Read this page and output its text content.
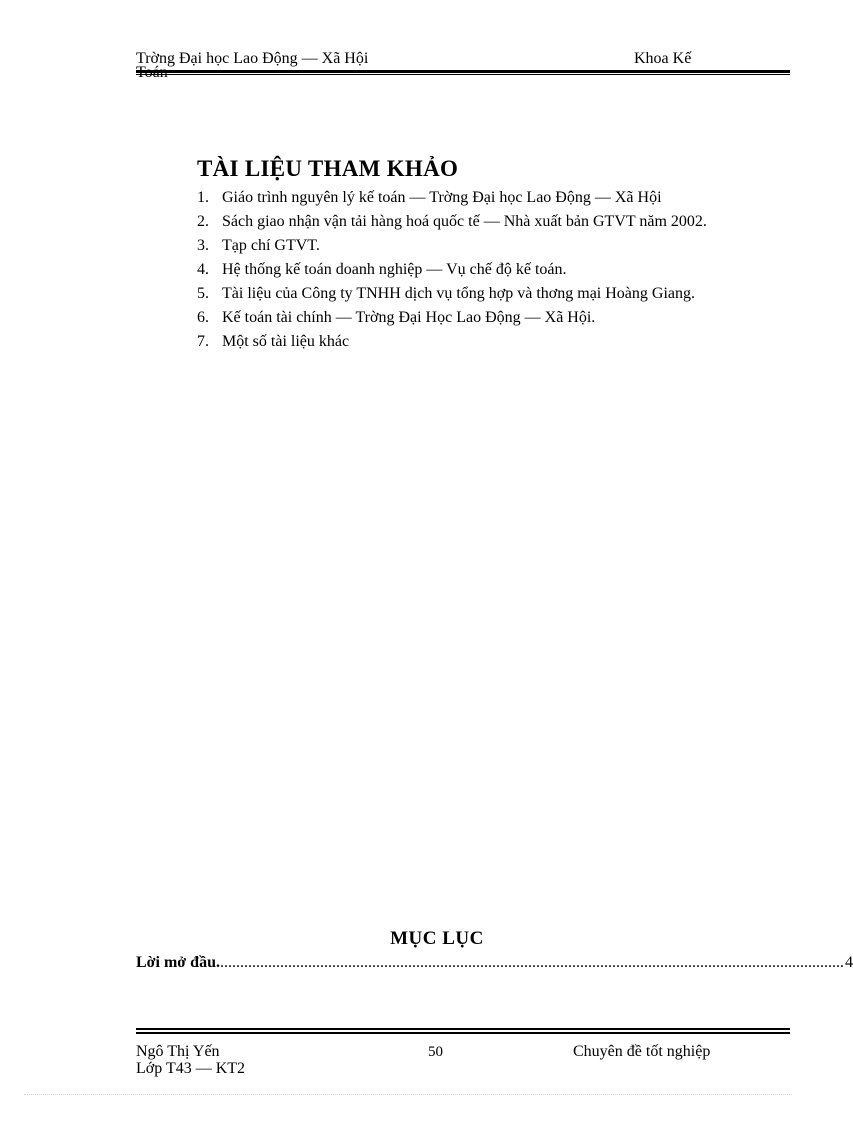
Trờng Đại học Lao Động — Xã Hội	Khoa Kế
TÀI LIỆU THAM KHẢO
1. Giáo trình nguyên lý kế toán — Trờng Đại học Lao Động — Xã Hội
2. Sách giao nhận vận tải hàng hoá quốc tế — Nhà xuất bản GTVT năm 2002.
3. Tạp chí GTVT.
4. Hệ thống kế toán doanh nghiệp — Vụ chế độ kế toán.
5. Tài liệu của Công ty TNHH dịch vụ tổng hợp và thơng mại Hoàng Giang.
6. Kế toán tài chính — Trờng Đại Học Lao Động — Xã Hội.
7. Một số tài liệu khác
MỤC LỤC
Lời mở đầu. ............................................................................................................................................................ 4
Ngô Thị Yến
Lớp T43 — KT2
50	Chuyên đề tốt nghiệp
